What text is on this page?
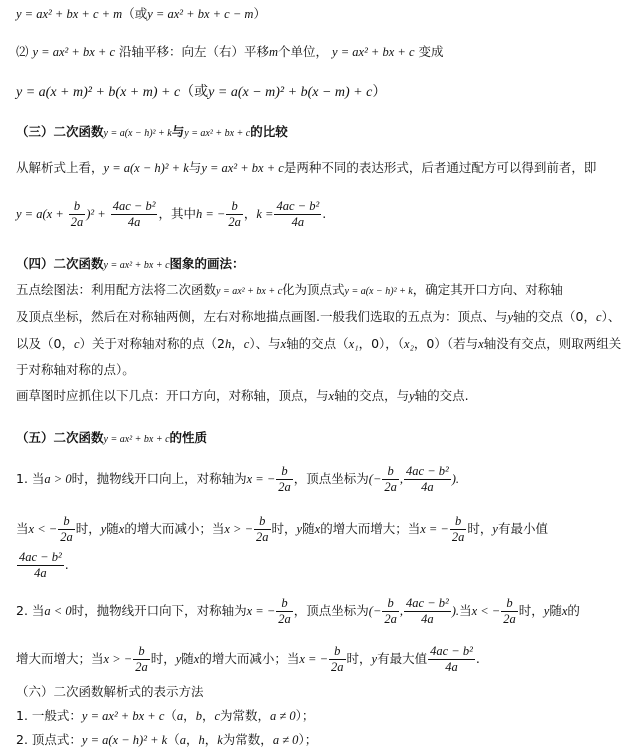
y = ax² + bx + c + m（或y = ax² + bx + c − m）
⑵ y = ax² + bx + c 沿轴平移：向左（右）平移m个单位， y = ax² + bx + c 变成
y = a(x + m)² + b(x + m) + c（或y = a(x − m)² + b(x − m) + c）
（三）二次函数y = a(x − h)² + k与y = ax² + bx + c的比较
从解析式上看，y = a(x − h)² + k与y = ax² + bx + c是两种不同的表达形式，后者通过配方可以得到前者，即
$y = a(x + \frac{b}{2a} )^2 + \frac{\text{4ac − b²}}{4a}$ ，其中h = − $\frac{b}{2a}$ ，$k = \frac{\text{4ac − b²}}{4a}$ .
（四）二次函数y = ax² + bx + c图象的画法：
五点绘图法：利用配方法将二次函数y = ax² + bx + c化为顶点式y = a(x − h)² + k，确定其开口方向、对称轴
及顶点坐标，然后在对称轴两侧，左右对称地描点画图.一般我们选取的五点为：顶点、与y轴的交点（0，c）、
以及（0，c）关于对称轴对称的点（2h，c）、与x轴的交点（x₁，0），（x₂，0）（若与x轴没有交点，则取两组关
于对称轴对称的点）。
画草图时应抓住以下几点：开口方向，对称轴，顶点，与x轴的交点，与y轴的交点.
（五）二次函数y = ax² + bx + c的性质
1. 当a > 0时，抛物线开口向上，对称轴为x = − $\frac{b}{2a}$ ，顶点坐标为(− $\frac{b}{2a}$ , $\frac{\text{4ac − b²}}{4a}$ ).
当x < − $\frac{b}{2a}$ 时，y随x的增大而减小；当x > − $\frac{b}{2a}$ 时，y随x的增大而增大；当x = − $\frac{b}{2a}$ 时，y有最小值
$\frac{\text{4ac − b²}}{4a}$ .
2. 当a < 0时，抛物线开口向下，对称轴为x = − $\frac{b}{2a}$ ，顶点坐标为(− $\frac{b}{2a}$ , $\frac{\text{4ac − b²}}{4a}$ ).当x < − $\frac{b}{2a}$ 时，y随x的
增大而增大；当x > − $\frac{b}{2a}$ 时，y随x的增大而减小；当x = − $\frac{b}{2a}$ 时，y有最大值 $\frac{\text{4ac − b²}}{4a}$ .
（六）二次函数解析式的表示方法
1. 一般式：y = ax² + bx + c（a，b，c为常数，a ≠ 0）；
2. 顶点式：y = a(x − h)² + k（a，h，k为常数，a ≠ 0）；
